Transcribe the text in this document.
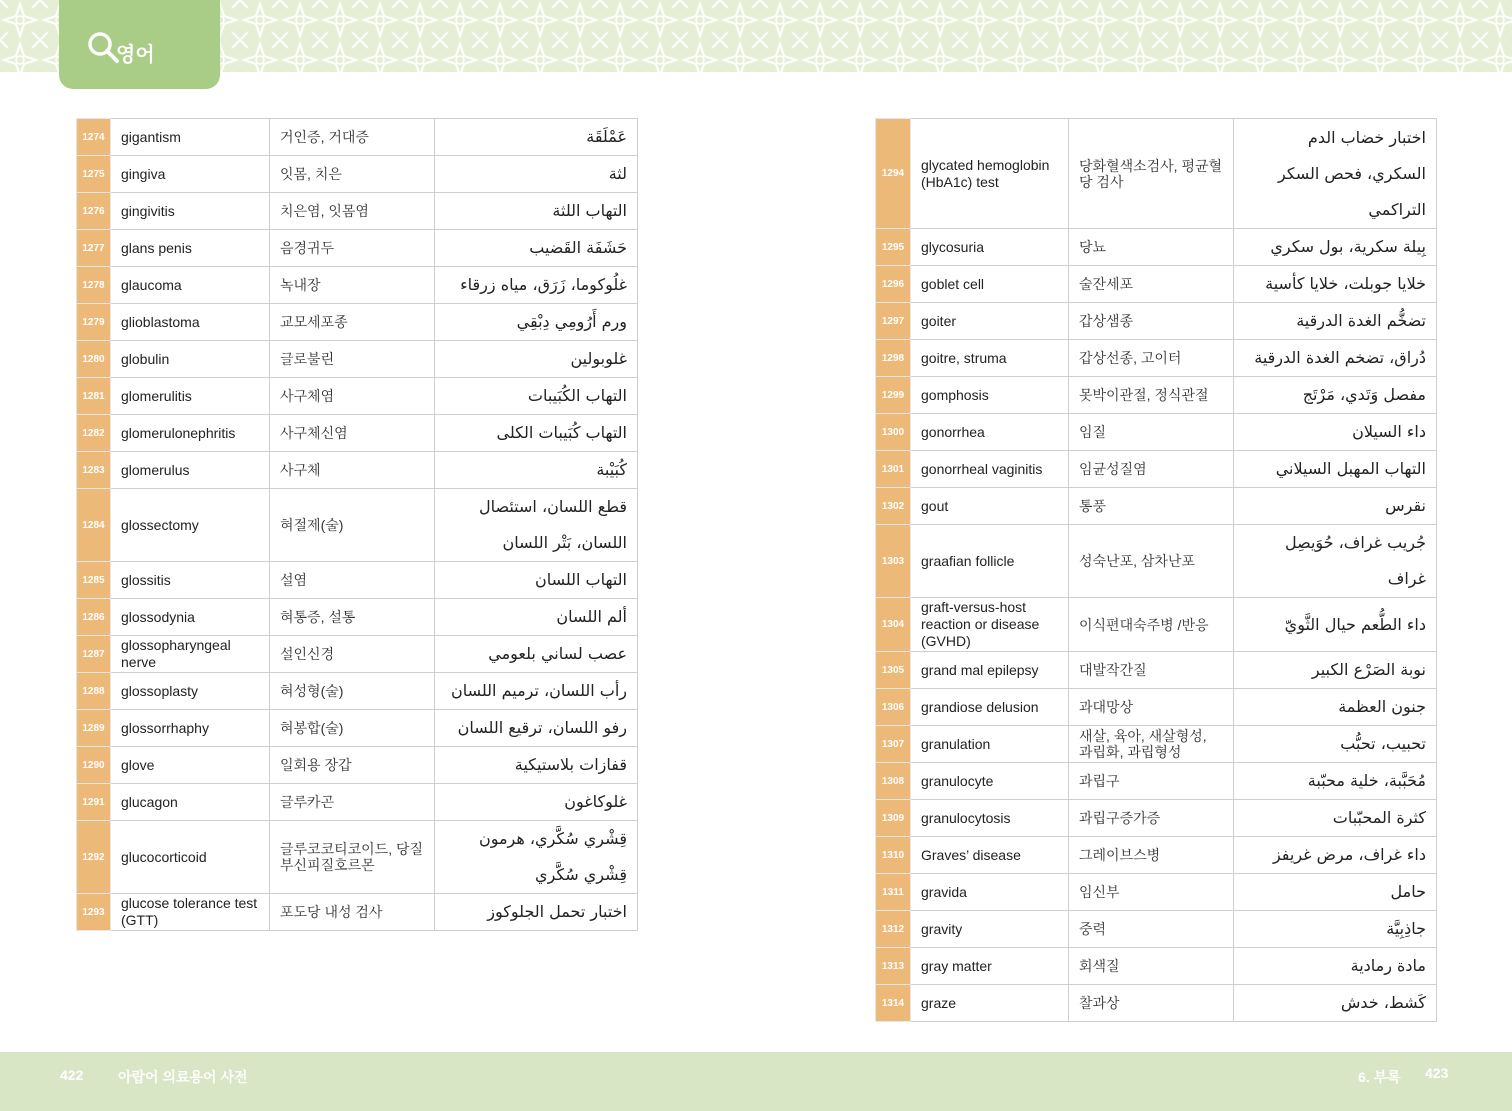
영어
1274	gigantism	거인증, 거대증	عَمْلَقَة
1275	gingiva	잇몸, 치은	لثة
1276	gingivitis	치은염, 잇몸염	التهاب اللثة
1277	glans penis	음경귀두	حَشَفَة القَضيب
1278	glaucoma	녹내장	غلُوكوما، زَرَق، مياه زرقاء
1279	glioblastoma	교모세포종	ورم أَرُومِي دِبْقِي
1280	globulin	글로불린	غلوبولين
1281	glomerulitis	사구체염	التهاب الكُبَيبات
1282	glomerulonephritis	사구체신염	التهاب كُبَيبات الكلى
1283	glomerulus	사구체	كُبَيْبة
1284	glossectomy	혀절제(술)	قطع اللسان، استئصال اللسان، بَتْر اللسان
1285	glossitis	설염	التهاب اللسان
1286	glossodynia	혀통증, 설통	ألم اللسان
1287	glossopharyngeal nerve	설인신경	عصب لساني بلعومي
1288	glossoplasty	혀성형(술)	رأب اللسان، ترميم اللسان
1289	glossorrhaphy	혀봉합(술)	رفو اللسان، ترقيع اللسان
1290	glove	일회용 장갑	قفازات بلاستيكية
1291	glucagon	글루카곤	غلوكاغون
1292	glucocorticoid	글루코코티코이드, 당질부신피질호르몬	قِشْري سُكَّري، هرمون قِشْري سُكَّري
1293	glucose tolerance test (GTT)	포도당 내성 검사	اختبار تحمل الجلوكوز
1294	glycated hemoglobin (HbA1c) test	당화혈색소검사, 평균혈당 검사	اختبار خضاب الدم السكري، فحص السكر التراكمي
1295	glycosuria	당뇨	بِيلة سكرية، بول سكري
1296	goblet cell	술잔세포	خلايا جوبلت، خلايا كأسية
1297	goiter	갑상샘종	تضخُّم الغدة الدرقية
1298	goitre, struma	갑상선종, 고이터	دُراق، تضخم الغدة الدرقية
1299	gomphosis	못박이관절, 정식관절	مفصل وَتَدي، مَرْتَج
1300	gonorrhea	임질	داء السيلان
1301	gonorrheal vaginitis	임균성질염	التهاب المهبل السيلاني
1302	gout	통풍	نقرس
1303	graafian follicle	성숙난포, 삼차난포	جُريب غراف، حُوَيصِل غراف
1304	graft-versus-host reaction or disease (GVHD)	이식편대숙주병 /반응	داء الطُّعم حيال الثَّويّ
1305	grand mal epilepsy	대발작간질	نوبة الصَرْع الكبير
1306	grandiose delusion	과대망상	جنون العظمة
1307	granulation	새살, 육아, 새살형성, 과립화, 과립형성	تحبيب، تحبُّب
1308	granulocyte	과립구	مُحَبَّبة، خلية محبّبة
1309	granulocytosis	과립구증가증	كثرة المحبّبات
1310	Graves’ disease	그레이브스병	داء غراف، مرض غريفز
1311	gravida	임신부	حامل
1312	gravity	중력	جاذِبِيَّة
1313	gray matter	회색질	مادة رمادية
1314	graze	찰과상	كَشط، خدش
422 아랍어 의료용어 사전	6. 부록 423
